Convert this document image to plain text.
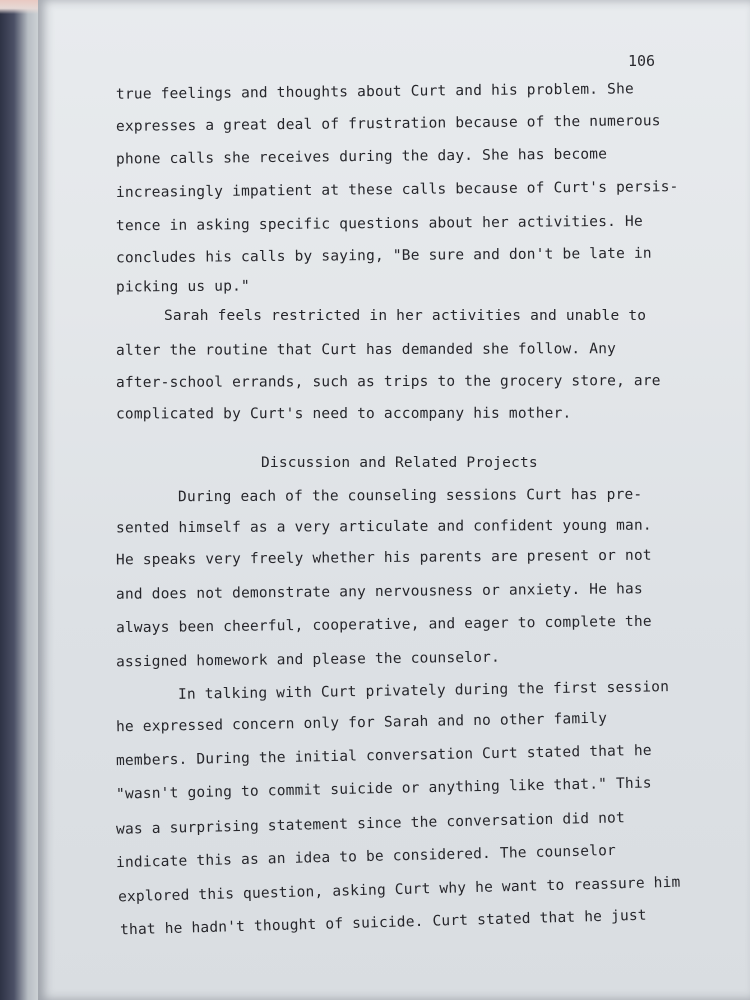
106
true feelings and thoughts about Curt and his problem. She
expresses a great deal of frustration because of the numerous
phone calls she receives during the day. She has become
increasingly impatient at these calls because of Curt's persis-
tence in asking specific questions about her activities. He
concludes his calls by saying, "Be sure and don't be late in
picking us up."
Sarah feels restricted in her activities and unable to
alter the routine that Curt has demanded she follow. Any
after-school errands, such as trips to the grocery store, are
complicated by Curt's need to accompany his mother.
Discussion and Related Projects
During each of the counseling sessions Curt has pre-
sented himself as a very articulate and confident young man.
He speaks very freely whether his parents are present or not
and does not demonstrate any nervousness or anxiety. He has
always been cheerful, cooperative, and eager to complete the
assigned homework and please the counselor.
In talking with Curt privately during the first session
he expressed concern only for Sarah and no other family
members. During the initial conversation Curt stated that he
"wasn't going to commit suicide or anything like that." This
was a surprising statement since the conversation did not
indicate this as an idea to be considered. The counselor
explored this question, asking Curt why he want to reassure him
that he hadn't thought of suicide. Curt stated that he just
